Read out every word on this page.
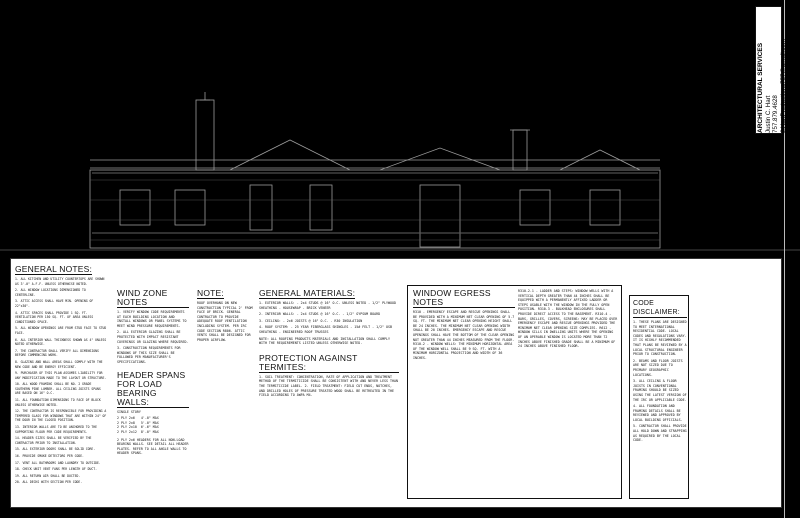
ARCHITECTURAL SERVICES Justin C. Hart 757.879.4628 J.HartProductions757@gmail.com
GENERAL NOTES:
1. ALL KITCHEN AND UTILITY COUNTERTOPS ARE SHOWN AS 3'-0" A.F.F. UNLESS OTHERWISE NOTED.
2. ALL WINDOW LOCATIONS DIMENSIONED TO CENTERLINE.
3. ATTIC ACCESS SHALL HAVE MIN. OPENING OF 22"x30".
4. ATTIC SPACES SHALL PROVIDE 1 SQ. FT. VENTILATION PER 150 SQ. FT. OF AREA UNLESS CONDITIONED SPACE.
5. ALL WINDOW OPENINGS ARE FROM STUD FACE TO STUD FACE.
6. ALL INTERIOR WALL THICKNESS SHOWN AS 4" UNLESS NOTED OTHERWISE.
7. THE CONTRACTOR SHALL VERIFY ALL DIMENSIONS BEFORE COMMENCING WORK.
8. GLAZING AND WALL AREAS SHALL COMPLY WITH THE NEW CODE AND BE ENERGY EFFICIENT.
9. PURCHASER OF THIS PLAN ASSUMES LIABILITY FOR ANY MODIFICATION MADE TO THE LAYOUT OR STRUCTURE.
10. ALL WOOD FRAMING SHALL BE NO. 2 GRADE SOUTHERN PINE LUMBER. ALL CEILING JOISTS SPANS ARE BASED ON 16" O.C.
11. ALL FOUNDATION DIMENSIONS TO FACE OF BLOCK UNLESS OTHERWISE NOTED.
12. THE CONTRACTOR IS RESPONSIBLE FOR PROVIDING A TEMPERED GLASS FOR WINDOWS THAT ARE WITHIN 24" OF THE DOOR IN THE CLOSED POSITION.
13. INTERIOR WALLS ARE TO BE ANCHORED TO THE SUPPORTING FLOOR PER CODE REQUIREMENTS.
14. HEADER SIZES SHALL BE VERIFIED BY THE CONTRACTOR PRIOR TO INSTALLATION.
15. ALL EXTERIOR DOORS SHALL BE SOLID CORE.
16. PROVIDE SMOKE DETECTORS PER CODE.
17. VENT ALL BATHROOMS AND LAUNDRY TO OUTSIDE.
18. CHECK UNIT VENT FANS PER LENGTH OF DUCT.
19. ALL RETURN AIR SHALL BE DUCTED.
20. ALL DECKS WITH SECTION PER CODE.
WIND ZONE NOTES
1. VERIFY WINDOW CODE REQUIREMENTS AT EACH BUILDING LOCATION AND INSTALL WINDOWS OR PANEL SYSTEMS TO MEET WIND PRESSURE REQUIREMENTS.
2. ALL EXTERIOR GLAZING SHALL BE PROTECTED WITH IMPACT RESISTANT COVERINGS OR GLAZING WHERE REQUIRED.
3. CONSTRUCTION REQUIREMENTS FOR WINDOWS OF THIS SIZE SHALL BE FOLLOWED PER MANUFACTURER'S SPECIFICATIONS.
HEADER SPANS FOR LOAD BEARING WALLS:
SINGLE STORY
2 PLY 2x6	4'-0" MAX
2 PLY 2x8	5'-0" MAX
2 PLY 2x10	6'-6" MAX
2 PLY 2x12	8'-0" MAX
2 PLY 2x6 HEADERS FOR ALL NON-LOAD BEARING WALLS. SEE DETAIL ALL HEADER PLATES. REFER TO ALL ANGLE WALLS TO HEADER SPANS.
NOTE:
ROOF OVERHANG ON NEW CONSTRUCTION TYPICAL 2' FROM FACE OF BRICK. GENERAL CONTRACTOR TO PROVIDE ADEQUATE ROOF VENTILATION INCLUDING SYSTEM. PER IRC CODE SECTION R806. ATTIC VENTS SHALL BE DESIGNED FOR PROPER AIRFLOW.
GENERAL MATERIALS:
1. EXTERIOR WALLS: - 2x4 STUDS @ 16" O.C. UNLESS NOTED - 1/2" PLYWOOD SHEATHING - HOUSEWRAP - BRICK VENEER
2. INTERIOR WALLS: - 2x4 STUDS @ 16" O.C. - 1/2" GYPSUM BOARD
3. CEILING: - 2x6 JOISTS @ 16" O.C. - R30 INSULATION
4. ROOF SYSTEM: - 25 YEAR FIBERGLASS SHINGLES - 15# FELT - 1/2" OSB SHEATHING - ENGINEERED ROOF TRUSSES
NOTE: ALL ROOFING PRODUCTS MATERIALS AND INSTALLATION SHALL COMPLY WITH THE REQUIREMENTS LISTED UNLESS OTHERWISE NOTED.
PROTECTION AGAINST TERMITES:
1. SOIL TREATMENT: CONCENTRATION, RATE OF APPLICATION AND TREATMENT METHOD OF THE TERMITICIDE SHALL BE CONSISTENT WITH AND NEVER LESS THAN THE TERMITICIDE LABEL. 2. FIELD TREATMENT: FIELD CUT ENDS, NOTCHES, AND DRILLED HOLES OF PRESSURE TREATED WOOD SHALL BE RETREATED IN THE FIELD ACCORDING TO AWPA M4.
WINDOW EGRESS NOTES
R310 - EMERGENCY ESCAPE AND RESCUE OPENINGS SHALL BE PROVIDED WITH A MINIMUM NET CLEAR OPENING OF 5.7 SQ. FT. THE MINIMUM NET CLEAR OPENING HEIGHT SHALL BE 24 INCHES. THE MINIMUM NET CLEAR OPENING WIDTH SHALL BE 20 INCHES. EMERGENCY ESCAPE AND RESCUE OPENINGS SHALL HAVE THE BOTTOM OF THE CLEAR OPENING NOT GREATER THAN 44 INCHES MEASURED FROM THE FLOOR. R310.2 - WINDOW WELLS: THE MINIMUM HORIZONTAL AREA OF THE WINDOW WELL SHALL BE 9 SQ. FT. WITH A MINIMUM HORIZONTAL PROJECTION AND WIDTH OF 36 INCHES.
R310.2.1 - LADDER AND STEPS: WINDOW WELLS WITH A VERTICAL DEPTH GREATER THAN 44 INCHES SHALL BE EQUIPPED WITH A PERMANENTLY AFFIXED LADDER OR STEPS USABLE WITH THE WINDOW IN THE FULLY OPEN POSITION. R310.3 - BULKHEAD ENCLOSURES SHALL PROVIDE DIRECT ACCESS TO THE BASEMENT. R310.4 - BARS, GRILLES, COVERS, SCREENS: MAY BE PLACED OVER EMERGENCY ESCAPE AND RESCUE OPENINGS PROVIDED THE MINIMUM NET CLEAR OPENING SIZE COMPLIES. R612 - WINDOW SILLS IN DWELLING UNITS WHERE THE OPENING OF AN OPERABLE WINDOW IS LOCATED MORE THAN 72 INCHES ABOVE FINISHED GRADE SHALL BE A MINIMUM OF 24 INCHES ABOVE FINISHED FLOOR.
CODE DISCLAIMER:
1. THESE PLANS ARE DESIGNED TO MEET INTERNATIONAL RESIDENTIAL CODE. LOCAL CODES AND REGULATIONS VARY. IT IS HIGHLY RECOMMENDED THAT PLANS BE REVIEWED BY A LOCAL STRUCTURAL ENGINEER PRIOR TO CONSTRUCTION.
2. BEAMS AND FLOOR JOISTS ARE NOT SIZED DUE TO PRIMARY GEOGRAPHIC LOCATIONS.
3. ALL CEILING & FLOOR JOISTS IN CONVENTIONAL FRAMING SHOULD BE SIZED USING THE LATEST VERSION OF THE IRC OR APPLICABLE CODE.
4. ALL FOUNDATION AND FRAMING DETAILS SHALL BE REVIEWED AND APPROVED BY LOCAL BUILDING OFFICIALS.
5. CONTRACTOR SHALL PROVIDE ALL HOLD DOWN AND STRAPPING AS REQUIRED BY THE LOCAL CODE.
